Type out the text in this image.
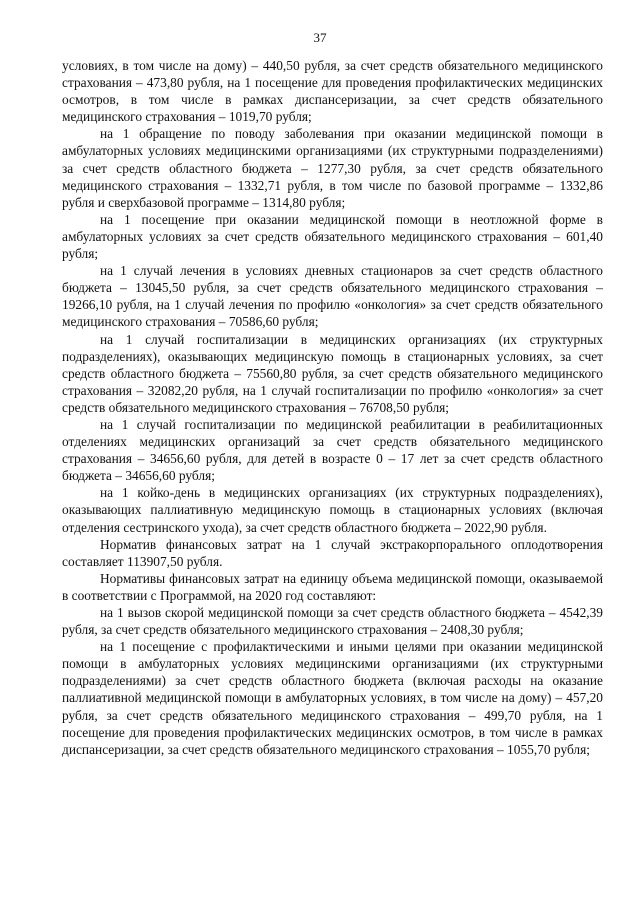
37

условиях, в том числе на дому) – 440,50 рубля, за счет средств обязательного медицинского страхования – 473,80 рубля, на 1 посещение для проведения профилактических медицинских осмотров, в том числе в рамках диспансеризации, за счет средств обязательного медицинского страхования – 1019,70 рубля;

на 1 обращение по поводу заболевания при оказании медицинской помощи в амбулаторных условиях медицинскими организациями (их структурными подразделениями) за счет средств областного бюджета – 1277,30 рубля, за счет средств обязательного медицинского страхования – 1332,71 рубля, в том числе по базовой программе – 1332,86 рубля и сверхбазовой программе – 1314,80 рубля;

на 1 посещение при оказании медицинской помощи в неотложной форме в амбулаторных условиях за счет средств обязательного медицинского страхования – 601,40 рубля;

на 1 случай лечения в условиях дневных стационаров за счет средств областного бюджета – 13045,50 рубля, за счет средств обязательного медицинского страхования – 19266,10 рубля, на 1 случай лечения по профилю «онкология» за счет средств обязательного медицинского страхования – 70586,60 рубля;

на 1 случай госпитализации в медицинских организациях (их структурных подразделениях), оказывающих медицинскую помощь в стационарных условиях, за счет средств областного бюджета – 75560,80 рубля, за счет средств обязательного медицинского страхования – 32082,20 рубля, на 1 случай госпитализации по профилю «онкология» за счет средств обязательного медицинского страхования – 76708,50 рубля;

на 1 случай госпитализации по медицинской реабилитации в реабилитационных отделениях медицинских организаций за счет средств обязательного медицинского страхования – 34656,60 рубля, для детей в возрасте 0 – 17 лет за счет средств областного бюджета – 34656,60 рубля;

на 1 койко-день в медицинских организациях (их структурных подразделениях), оказывающих паллиативную медицинскую помощь в стационарных условиях (включая отделения сестринского ухода), за счет средств областного бюджета – 2022,90 рубля.

Норматив финансовых затрат на 1 случай экстракорпорального оплодотворения составляет 113907,50 рубля.

Нормативы финансовых затрат на единицу объема медицинской помощи, оказываемой в соответствии с Программой, на 2020 год составляют:

на 1 вызов скорой медицинской помощи за счет средств областного бюджета – 4542,39 рубля, за счет средств обязательного медицинского страхования – 2408,30 рубля;

на 1 посещение с профилактическими и иными целями при оказании медицинской помощи в амбулаторных условиях медицинскими организациями (их структурными подразделениями) за счет средств областного бюджета (включая расходы на оказание паллиативной медицинской помощи в амбулаторных условиях, в том числе на дому) – 457,20 рубля, за счет средств обязательного медицинского страхования – 499,70 рубля, на 1 посещение для проведения профилактических медицинских осмотров, в том числе в рамках диспансеризации, за счет средств обязательного медицинского страхования – 1055,70 рубля;
